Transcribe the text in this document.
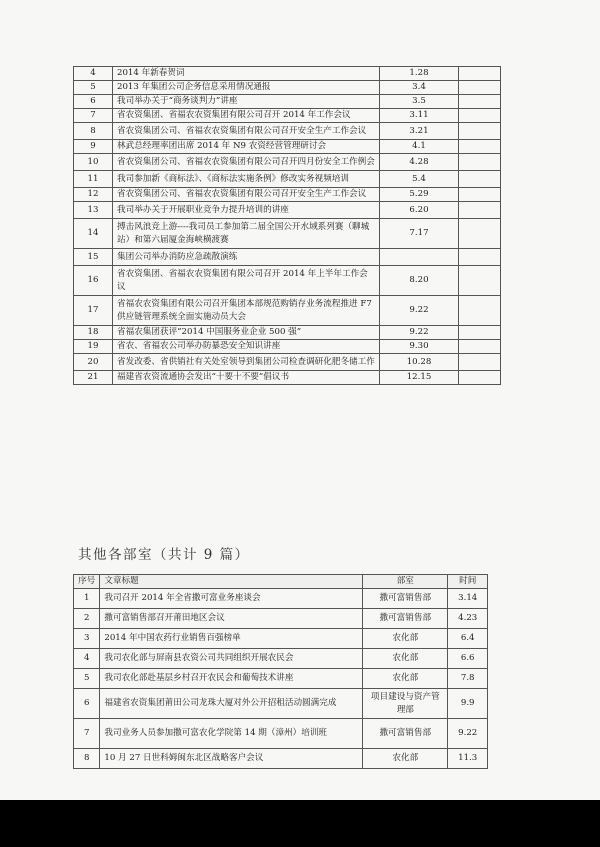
4	2014 年新春贺词	1.28	
5	2013 年集团公司企务信息采用情况通报	3.4	
6	我司举办关于“商务谈判力”讲座	3.5	
7	省农资集团、省福农农资集团有限公司召开 2014 年工作会议	3.11	
8	省农资集团公司、省福农农资集团有限公司召开安全生产工作会议	3.21	
9	林武总经理率团出席 2014 年 N9 农资经营管理研讨会	4.1	
10	省农资集团公司、省福农农资集团有限公司召开四月份安全工作例会	4.28	
11	我司参加新《商标法》、《商标法实施条例》修改实务视频培训	5.4	
12	省农资集团公司、省福农农资集团有限公司召开安全生产工作会议	5.29	
13	我司举办关于开展职业竞争力提升培训的讲座	6.20	
14	搏击风浪竞上游----我司员工参加第二届全国公开水域系列赛（聊城站）和第六届厦金海峡横渡赛	7.17	
15	集团公司举办消防应急疏散演练		
16	省农资集团、省福农农资集团有限公司召开 2014 年上半年工作会议	8.20	
17	省福农农资集团有限公司召开集团本部规范购销存业务流程推进 F7 供应链管理系统全面实施动员大会	9.22	
18	省福农集团获评“2014 中国服务业企业 500 强”	9.22	
19	省农、省福农公司举办防暴恐安全知识讲座	9.30	
20	省发改委、省供销社有关处室领导到集团公司检查调研化肥冬储工作	10.28	
21	福建省农资流通协会发出“十要十不要”倡议书	12.15	
其他各部室（共计 9 篇）
序号	文章标题	部室	时间
1	我司召开 2014 年全省撒可富业务座谈会	撒可富销售部	3.14
2	撒可富销售部召开莆田地区会议	撒可富销售部	4.23
3	2014 年中国农药行业销售百强榜单	农化部	6.4
4	我司农化部与屏南县农资公司共同组织开展农民会	农化部	6.6
5	我司农化部赴基层乡村召开农民会和葡萄技术讲座	农化部	7.8
6	福建省农资集团莆田公司龙珠大厦对外公开招租活动圆满完成	项目建设与资产管理部	9.9
7	我司业务人员参加撒可富农化学院第 14 期（漳州）培训班	撒可富销售部	9.22
8	10 月 27 日世科姆闽东北区战略客户会议	农化部	11.3
